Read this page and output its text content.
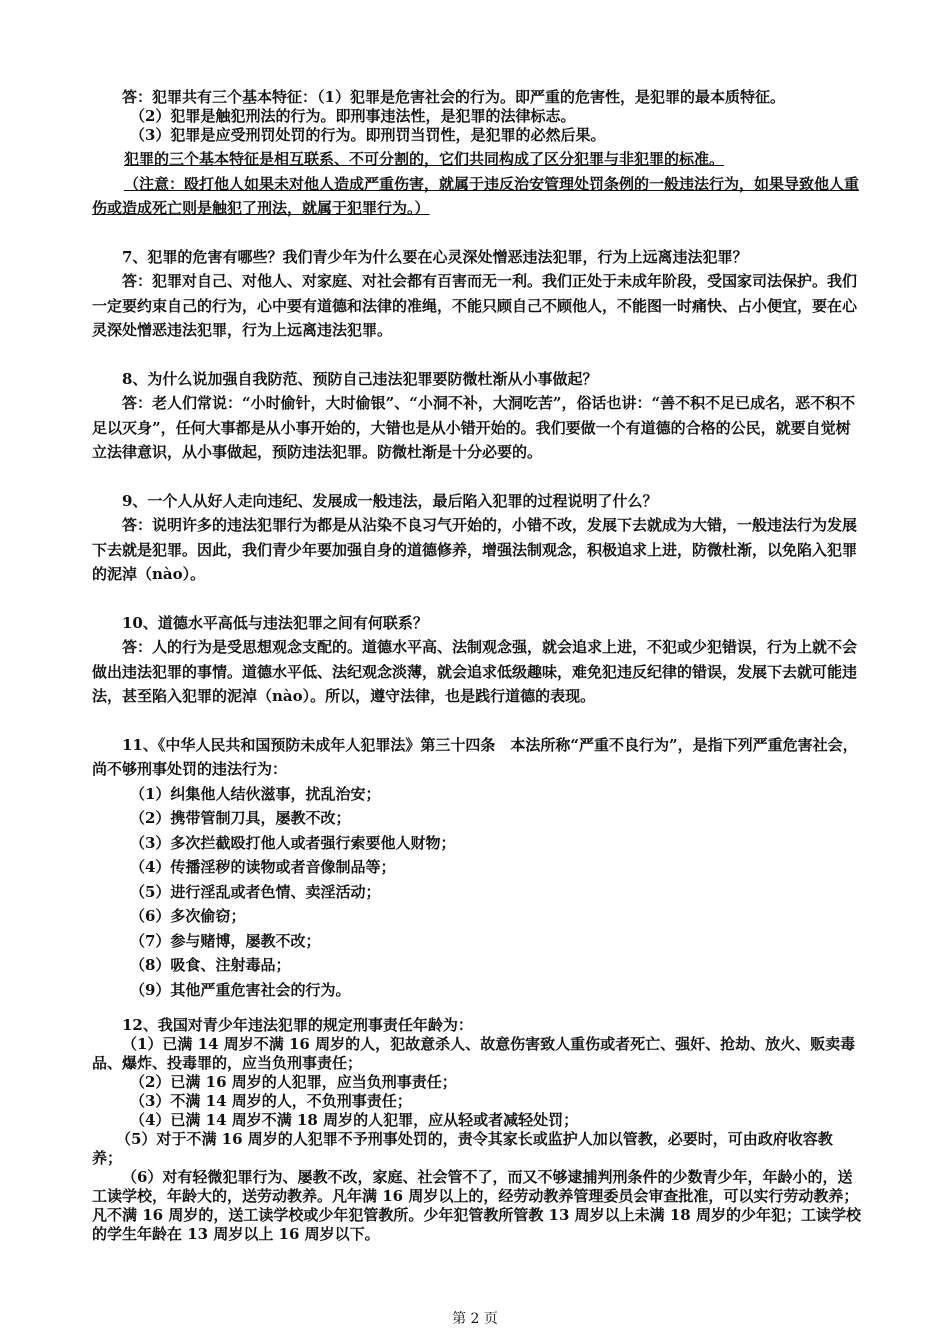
答：犯罪共有三个基本特征：（1）犯罪是危害社会的行为。即严重的危害性，是犯罪的最本质特征。

（2）犯罪是触犯刑法的行为。即刑事违法性，是犯罪的法律标志。

（3）犯罪是应受刑罚处罚的行为。即刑罚当罚性，是犯罪的必然后果。

犯罪的三个基本特征是相互联系、不可分割的，它们共同构成了区分犯罪与非犯罪的标准。

（注意：殴打他人如果未对他人造成严重伤害，就属于违反治安管理处罚条例的一般违法行为，如果导致他人重伤或造成死亡则是触犯了刑法，就属于犯罪行为。）

7、犯罪的危害有哪些？我们青少年为什么要在心灵深处憎恶违法犯罪，行为上远离违法犯罪？

答：犯罪对自己、对他人、对家庭、对社会都有百害而无一利。我们正处于未成年阶段，受国家司法保护。我们一定要约束自己的行为，心中要有道德和法律的准绳，不能只顾自己不顾他人，不能图一时痛快、占小便宜，要在心灵深处憎恶违法犯罪，行为上远离违法犯罪。

8、为什么说加强自我防范、预防自己违法犯罪要防微杜渐从小事做起？

答：老人们常说：“小时偷针，大时偷银”、“小洞不补，大洞吃苦”，俗话也讲：“善不积不足已成名，恶不积不足以灭身”，任何大事都是从小事开始的，大错也是从小错开始的。我们要做一个有道德的合格的公民，就要自觉树立法律意识，从小事做起，预防违法犯罪。防微杜渐是十分必要的。

9、一个人从好人走向违纪、发展成一般违法，最后陷入犯罪的过程说明了什么？

答：说明许多的违法犯罪行为都是从沾染不良习气开始的，小错不改，发展下去就成为大错，一般违法行为发展下去就是犯罪。因此，我们青少年要加强自身的道德修养，增强法制观念，积极追求上进，防微杜渐，以免陷入犯罪的泥淖（nào）。

10、道德水平高低与违法犯罪之间有何联系？

答：人的行为是受思想观念支配的。道德水平高、法制观念强，就会追求上进，不犯或少犯错误，行为上就不会做出违法犯罪的事情。道德水平低、法纪观念淡薄，就会追求低级趣味，难免犯违反纪律的错误，发展下去就可能违法，甚至陷入犯罪的泥淖（nào）。所以，遵守法律，也是践行道德的表现。

11、《中华人民共和国预防未成年人犯罪法》第三十四条　本法所称“严重不良行为”，是指下列严重危害社会，尚不够刑事处罚的违法行为：

（1）纠集他人结伙滋事，扰乱治安；

（2）携带管制刀具，屡教不改；

（3）多次拦截殴打他人或者强行索要他人财物；

（4）传播淫秽的读物或者音像制品等；

（5）进行淫乱或者色情、卖淫活动；

（6）多次偷窃；

（7）参与赌博，屡教不改；

（8）吸食、注射毒品；

（9）其他严重危害社会的行为。

12、我国对青少年违法犯罪的规定刑事责任年龄为：

（1）已满 14 周岁不满 16 周岁的人，犯故意杀人、故意伤害致人重伤或者死亡、强奸、抢劫、放火、贩卖毒品、爆炸、投毒罪的，应当负刑事责任；

（2）已满 16 周岁的人犯罪，应当负刑事责任；

（3）不满 14 周岁的人，不负刑事责任；

（4）已满 14 周岁不满 18 周岁的人犯罪，应从轻或者减轻处罚；

（5）对于不满 16 周岁的人犯罪不予刑事处罚的，责令其家长或监护人加以管教，必要时，可由政府收容教养；

（6）对有轻微犯罪行为、屡教不改，家庭、社会管不了，而又不够逮捕判刑条件的少数青少年，年龄小的，送工读学校，年龄大的，送劳动教养。凡年满 16 周岁以上的，经劳动教养管理委员会审查批准，可以实行劳动教养；凡不满 16 周岁的，送工读学校或少年犯管教所。少年犯管教所管教 13 周岁以上未满 18 周岁的少年犯；工读学校的学生年龄在 13 周岁以上 16 周岁以下。

第 2 页
